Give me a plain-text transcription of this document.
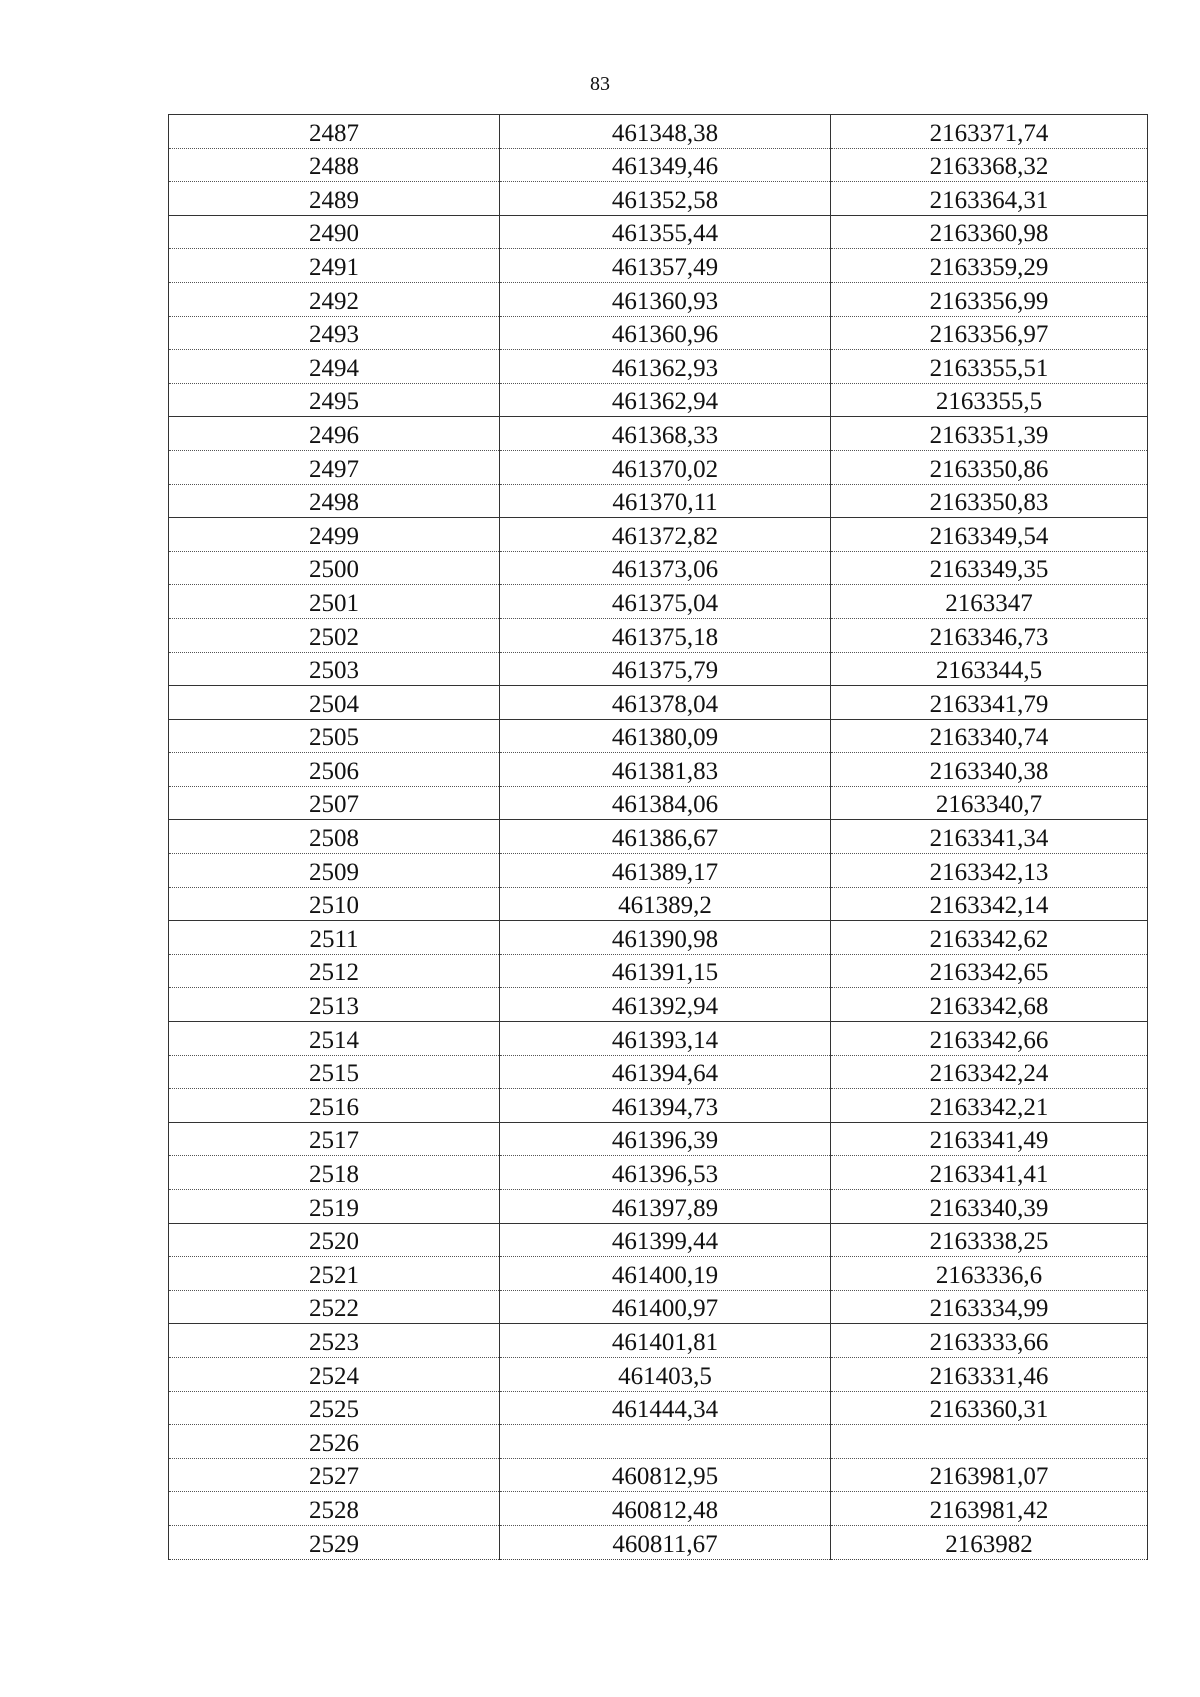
83
2487	461348,38	2163371,74
2488	461349,46	2163368,32
2489	461352,58	2163364,31
2490	461355,44	2163360,98
2491	461357,49	2163359,29
2492	461360,93	2163356,99
2493	461360,96	2163356,97
2494	461362,93	2163355,51
2495	461362,94	2163355,5
2496	461368,33	2163351,39
2497	461370,02	2163350,86
2498	461370,11	2163350,83
2499	461372,82	2163349,54
2500	461373,06	2163349,35
2501	461375,04	2163347
2502	461375,18	2163346,73
2503	461375,79	2163344,5
2504	461378,04	2163341,79
2505	461380,09	2163340,74
2506	461381,83	2163340,38
2507	461384,06	2163340,7
2508	461386,67	2163341,34
2509	461389,17	2163342,13
2510	461389,2	2163342,14
2511	461390,98	2163342,62
2512	461391,15	2163342,65
2513	461392,94	2163342,68
2514	461393,14	2163342,66
2515	461394,64	2163342,24
2516	461394,73	2163342,21
2517	461396,39	2163341,49
2518	461396,53	2163341,41
2519	461397,89	2163340,39
2520	461399,44	2163338,25
2521	461400,19	2163336,6
2522	461400,97	2163334,99
2523	461401,81	2163333,66
2524	461403,5	2163331,46
2525	461444,34	2163360,31
2526		
2527	460812,95	2163981,07
2528	460812,48	2163981,42
2529	460811,67	2163982
